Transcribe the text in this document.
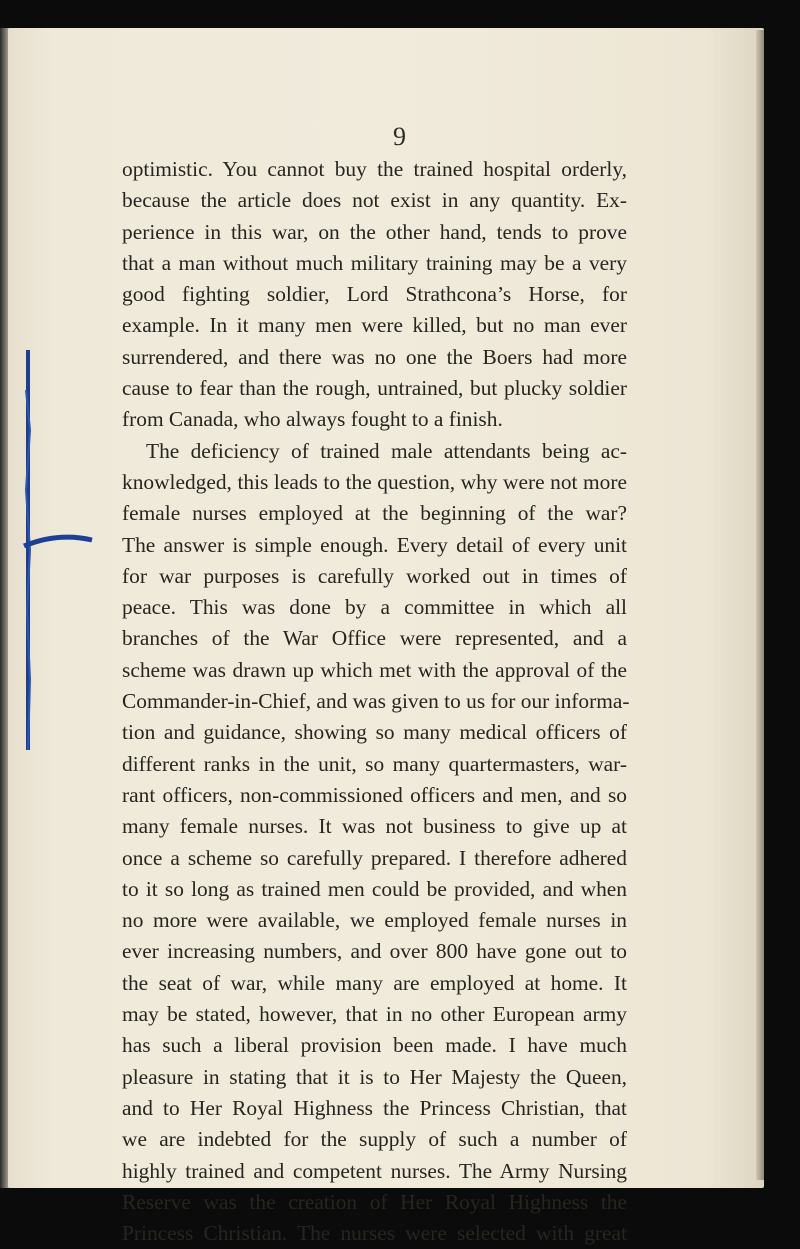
9
optimistic. You cannot buy the trained hospital orderly,
because the article does not exist in any quantity. Ex-
perience in this war, on the other hand, tends to prove
that a man without much military training may be a very
good fighting soldier, Lord Strathcona’s Horse, for
example. In it many men were killed, but no man ever
surrendered, and there was no one the Boers had more
cause to fear than the rough, untrained, but plucky soldier
from Canada, who always fought to a finish.
The deficiency of trained male attendants being ac-
knowledged, this leads to the question, why were not more
female nurses employed at the beginning of the war?
The answer is simple enough. Every detail of every unit
for war purposes is carefully worked out in times of
peace. This was done by a committee in which all
branches of the War Office were represented, and a
scheme was drawn up which met with the approval of the
Commander-in-Chief, and was given to us for our informa-
tion and guidance, showing so many medical officers of
different ranks in the unit, so many quartermasters, war-
rant officers, non-commissioned officers and men, and so
many female nurses. It was not business to give up at
once a scheme so carefully prepared. I therefore adhered
to it so long as trained men could be provided, and when
no more were available, we employed female nurses in
ever increasing numbers, and over 800 have gone out to
the seat of war, while many are employed at home. It
may be stated, however, that in no other European army
has such a liberal provision been made. I have much
pleasure in stating that it is to Her Majesty the Queen,
and to Her Royal Highness the Princess Christian, that
we are indebted for the supply of such a number of
highly trained and competent nurses. The Army Nursing
Reserve was the creation of Her Royal Highness the
Princess Christian. The nurses were selected with great
